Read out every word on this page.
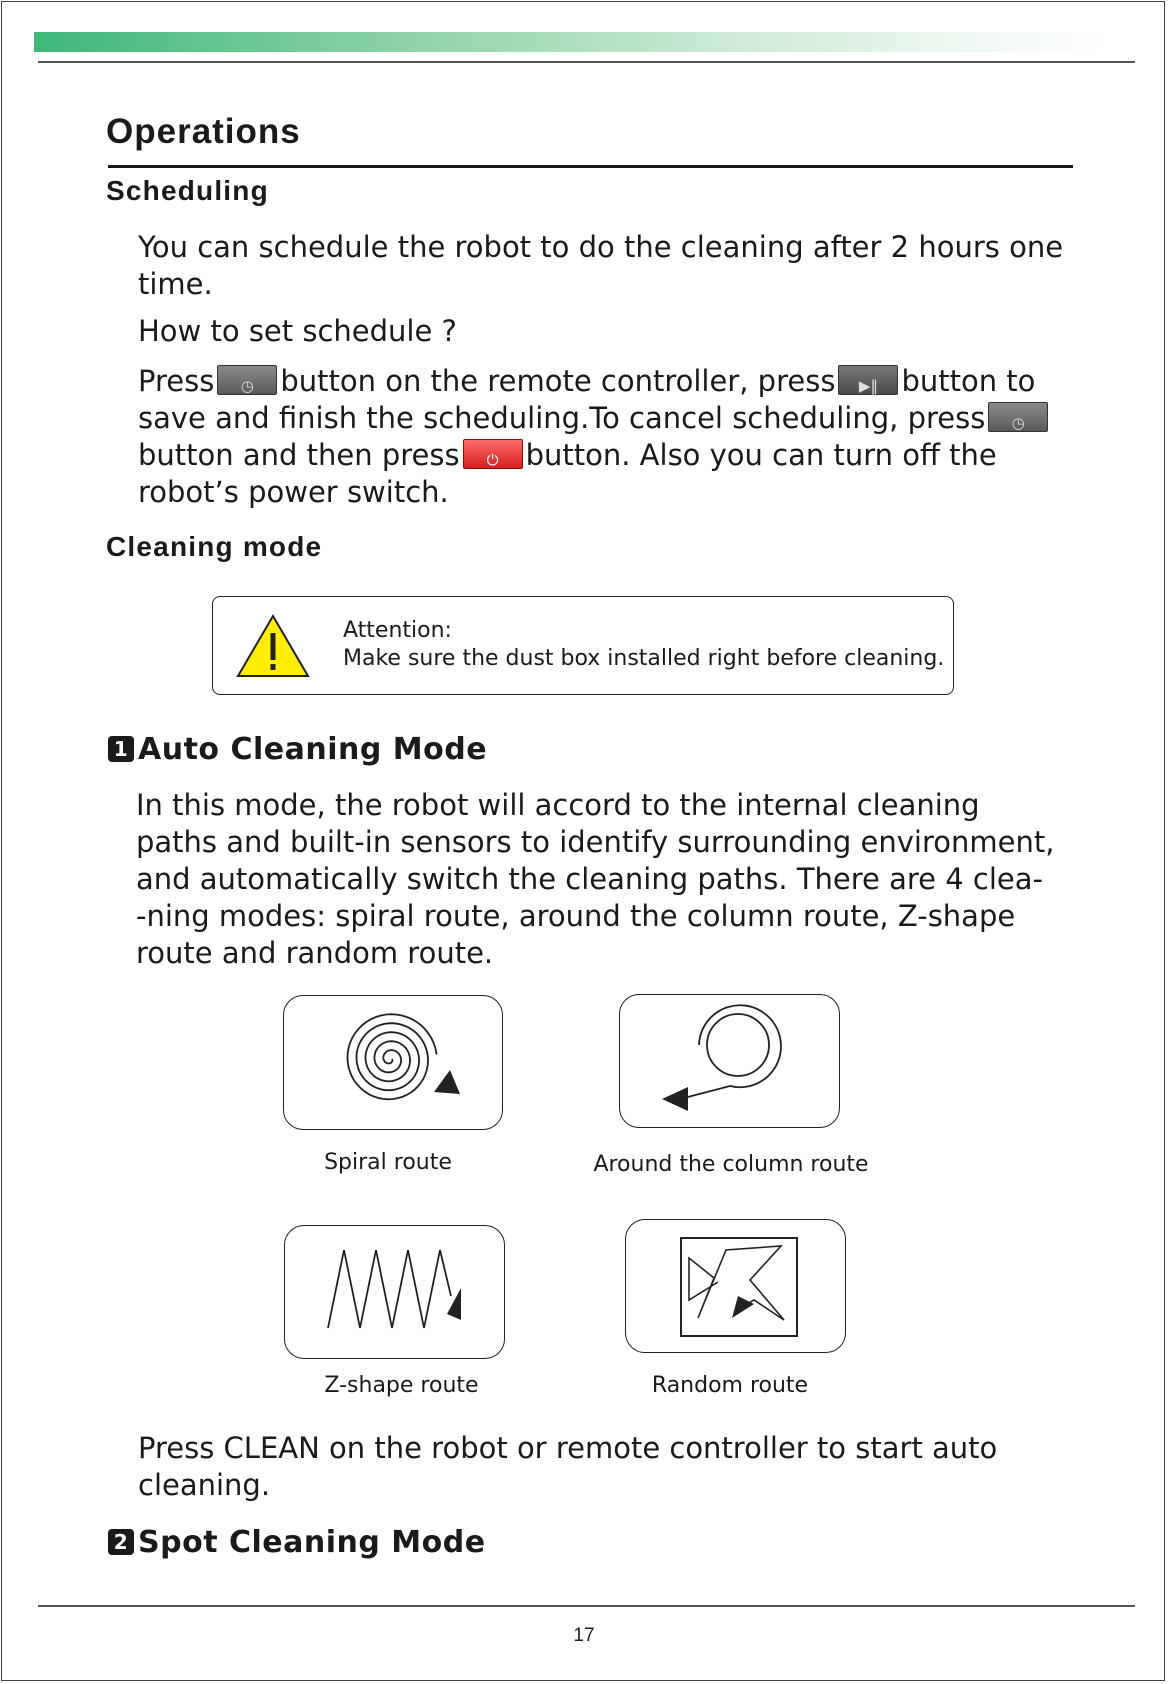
Operations
Scheduling

You can schedule the robot to do the cleaning after 2 hours one time.

How to set schedule ?

Press	◷ button on the remote controller, press	▶‖ button to save and finish the scheduling.To cancel scheduling, press	◷
button and then press	⏻ button. Also you can turn off the robot’s power switch.

Cleaning mode
Attention:
Make sure the dust box installed right before cleaning.
1 Auto Cleaning Mode

In this mode, the robot will accord to the internal cleaning

paths and built-in sensors to identify surrounding environment,

and automatically switch the cleaning paths. There are 4 clea-

-ning modes: spiral route, around the column route, Z-shape

route and random route.

Spiral route	Around the column route
Z-shape route	Random route

Press CLEAN on the robot or remote controller to start auto cleaning.

2 Spot Cleaning Mode
17
